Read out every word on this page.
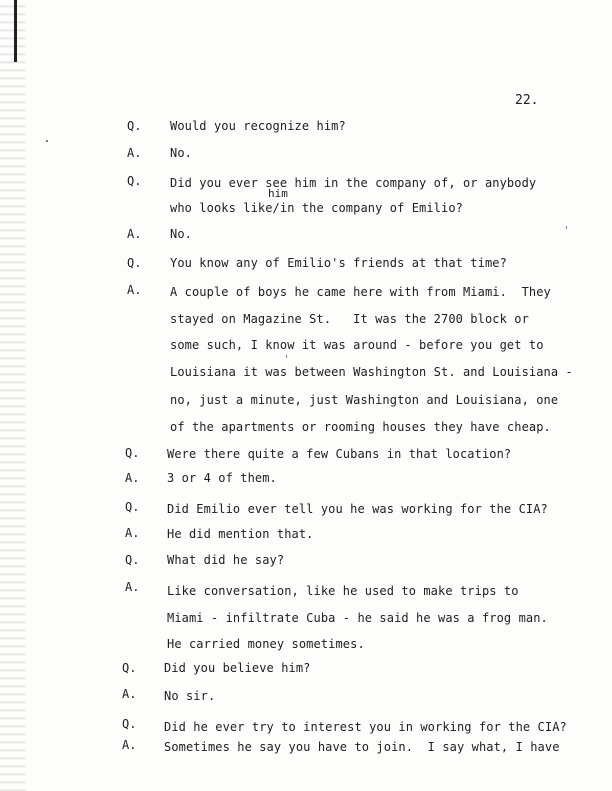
22.
Q. Would you recognize him?
A. No.
Q. Did you ever see him in the company of, or anybody
him
who looks like/in the company of Emilio?
A. No.
Q. You know any of Emilio's friends at that time?
A. A couple of boys he came here with from Miami.  They
stayed on Magazine St.   It was the 2700 block or
some such, I know it was around - before you get to
Louisiana it was between Washington St. and Louisiana -
no, just a minute, just Washington and Louisiana, one
of the apartments or rooming houses they have cheap.
Q. Were there quite a few Cubans in that location?
A. 3 or 4 of them.
Q. Did Emilio ever tell you he was working for the CIA?
A. He did mention that.
Q. What did he say?
A. Like conversation, like he used to make trips to
Miami - infiltrate Cuba - he said he was a frog man.
He carried money sometimes.
Q. Did you believe him?
A. No sir.
Q. Did he ever try to interest you in working for the CIA?
A. Sometimes he say you have to join.  I say what, I have
